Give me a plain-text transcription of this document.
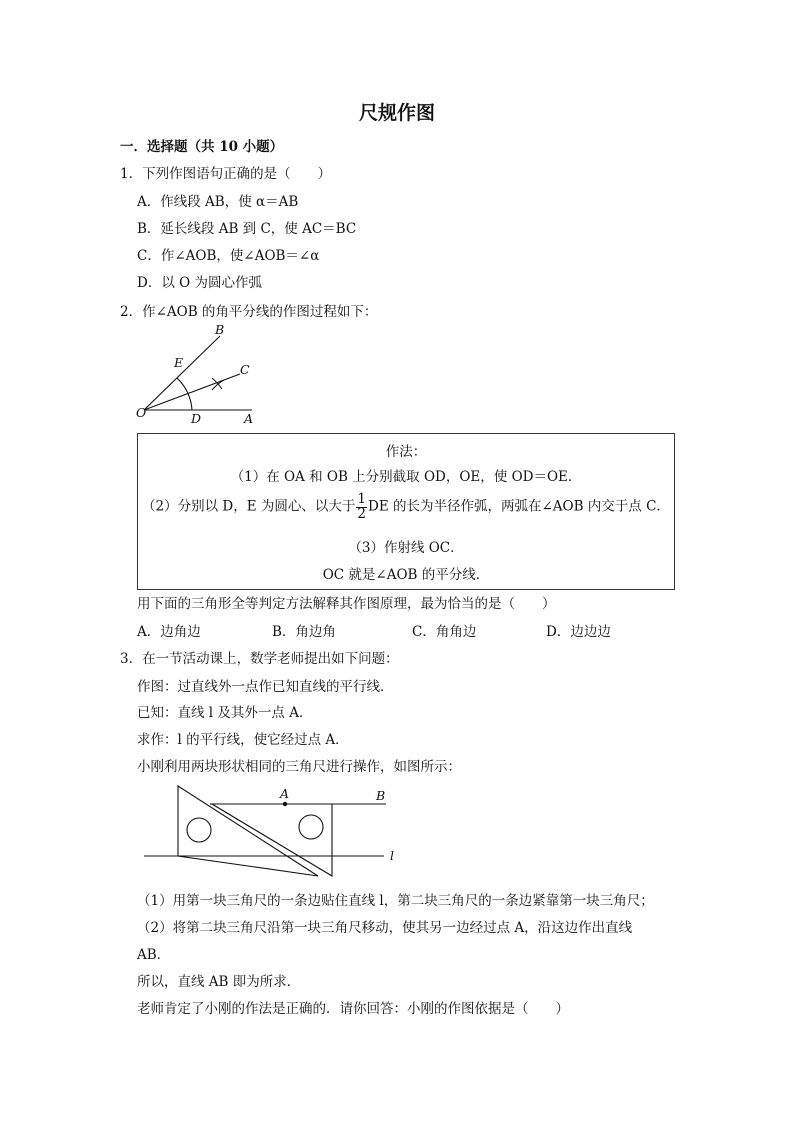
尺规作图
一．选择题（共 10 小题）
1．下列作图语句正确的是（　　）
A．作线段 AB，使 α＝AB
B．延长线段 AB 到 C，使 AC＝BC
C．作∠AOB，使∠AOB＝∠α
D．以 O 为圆心作弧
2．作∠AOB 的角平分线的作图过程如下：
B
E	C
O	D	A
作法：
（1）在 OA 和 OB 上分别截取 OD，OE，使 OD＝OE．
（2）分别以 D，E 为圆心、以大于 $\frac{1}{2}$ DE 的长为半径作弧，两弧在∠AOB 内交于点 C．
（3）作射线 OC．
OC 就是∠AOB 的平分线．
用下面的三角形全等判定方法解释其作图原理，最为恰当的是（　　）
A．边角边	B．角边角	C．角角边	D．边边边
3．在一节活动课上，数学老师提出如下问题：
作图：过直线外一点作已知直线的平行线．
已知：直线 l 及其外一点 A．
求作：l 的平行线，使它经过点 A．
小刚利用两块形状相同的三角尺进行操作，如图所示：
A	B
l
（1）用第一块三角尺的一条边贴住直线 l，第二块三角尺的一条边紧靠第一块三角尺；
（2）将第二块三角尺沿第一块三角尺移动，使其另一边经过点 A，沿这边作出直线
AB．
所以，直线 AB 即为所求．
老师肯定了小刚的作法是正确的．请你回答：小刚的作图依据是（　　）
